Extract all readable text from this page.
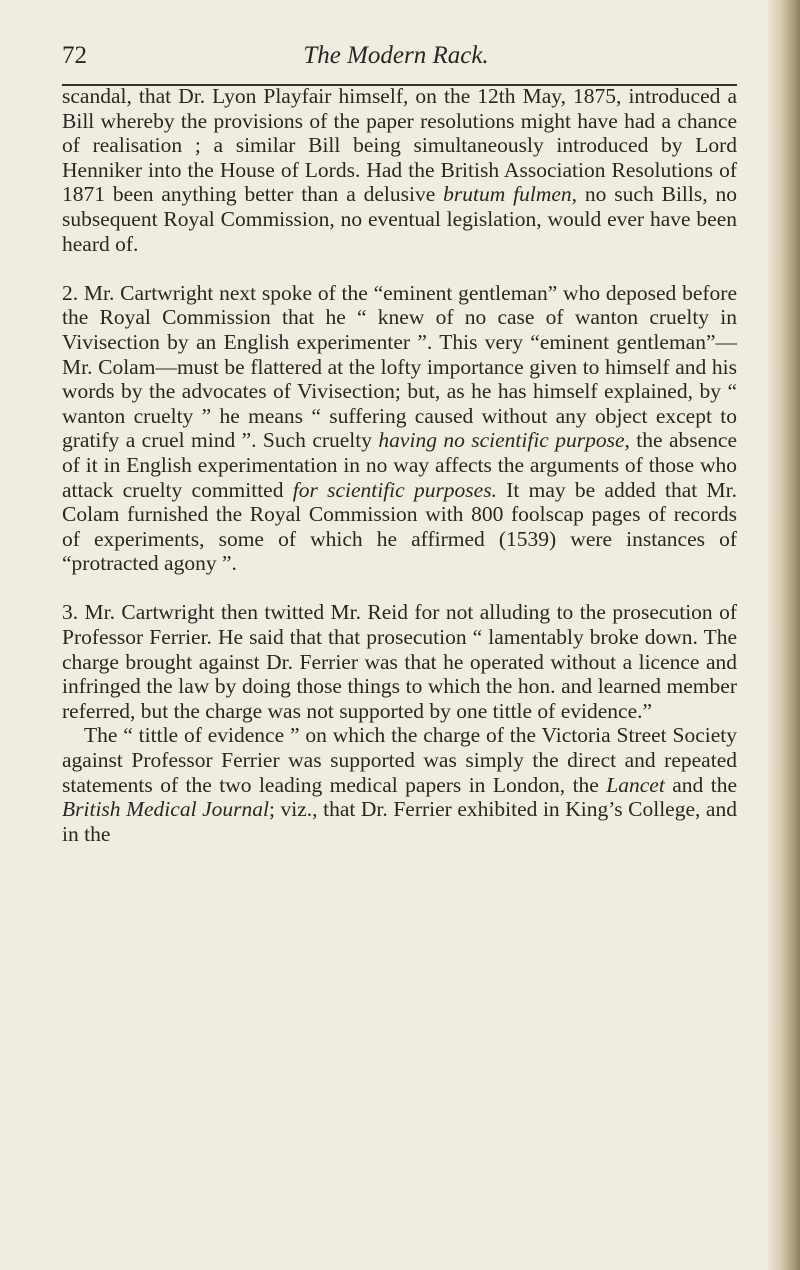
72	The Modern Rack.

scandal, that Dr. Lyon Playfair himself, on the 12th May, 1875, introduced a Bill whereby the provisions of the paper resolutions might have had a chance of realisation ; a similar Bill being simultaneously introduced by Lord Henniker into the House of Lords. Had the British Association Resolutions of 1871 been anything better than a delusive brutum fulmen, no such Bills, no subsequent Royal Commission, no eventual legislation, would ever have been heard of.

2. Mr. Cartwright next spoke of the “eminent gentleman” who deposed before the Royal Commission that he “ knew of no case of wanton cruelty in Vivisection by an English experimenter ”. This very “eminent gentleman”—Mr. Colam—must be flattered at the lofty importance given to himself and his words by the advocates of Vivisection; but, as he has himself explained, by “ wanton cruelty ” he means “ suffering caused without any object except to gratify a cruel mind ”. Such cruelty having no scientific purpose, the absence of it in English experimentation in no way affects the arguments of those who attack cruelty committed for scientific purposes. It may be added that Mr. Colam furnished the Royal Commission with 800 foolscap pages of records of experiments, some of which he affirmed (1539) were instances of “protracted agony ”.

3. Mr. Cartwright then twitted Mr. Reid for not alluding to the prosecution of Professor Ferrier. He said that that prosecution “ lamentably broke down. The charge brought against Dr. Ferrier was that he operated without a licence and infringed the law by doing those things to which the hon. and learned member referred, but the charge was not supported by one tittle of evidence.”

The “ tittle of evidence ” on which the charge of the Victoria Street Society against Professor Ferrier was supported was simply the direct and repeated statements of the two leading medical papers in London, the Lancet and the British Medical Journal; viz., that Dr. Ferrier exhibited in King’s College, and in the
